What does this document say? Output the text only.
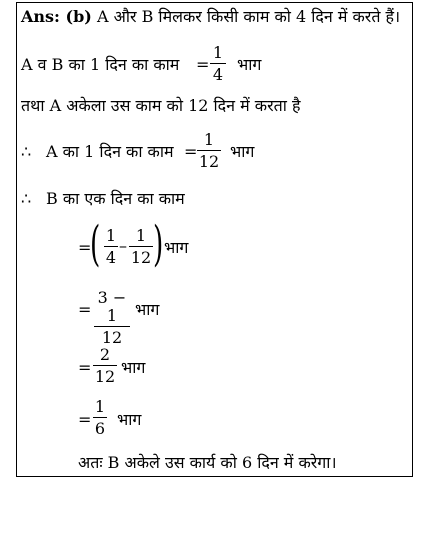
Ans: (b) A और B मिलकर किसी काम को 4 दिन में करते हैं।
A व B का 1 दिन का काम =
1
4
भाग
तथा A अकेला उस काम को 12 दिन में करता है
∴ A का 1 दिन का काम =
1
12
भाग
∴ B का एक दिन का काम
=
( 1
4
–
1
12 ) भाग
=
3 − 1
12
भाग
=
2
12 भाग
=
1
6 भाग
अतः B अकेले उस कार्य को 6 दिन में करेगा।
